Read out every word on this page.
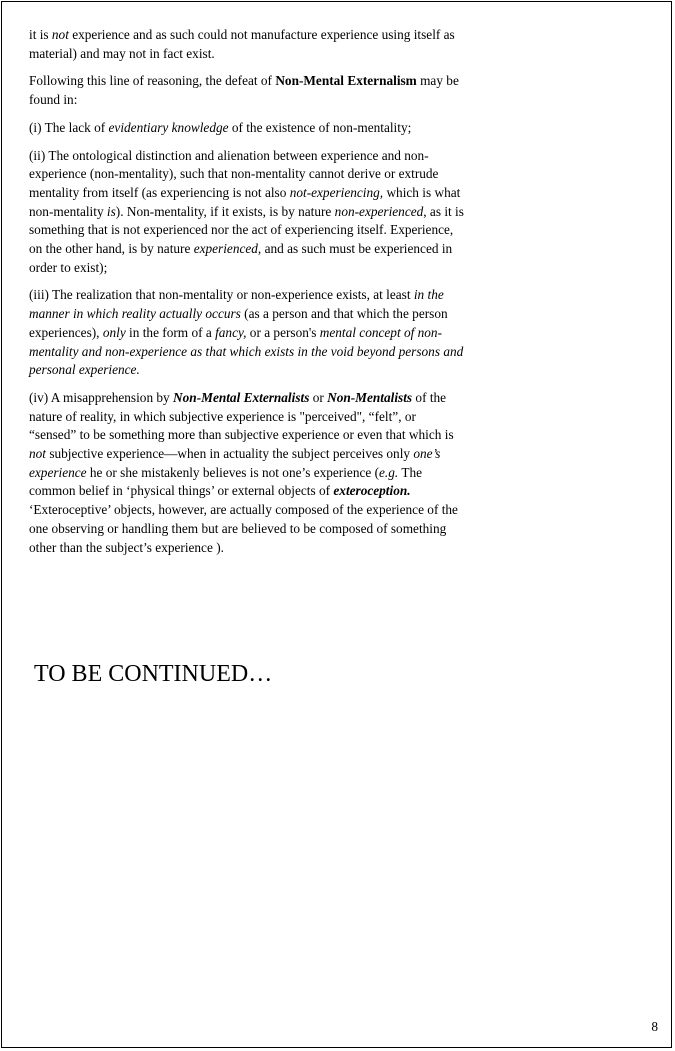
it is not experience and as such could not manufacture experience using itself as material) and may not in fact exist.

Following this line of reasoning, the defeat of Non-Mental Externalism may be found in:

(i) The lack of evidentiary knowledge of the existence of non-mentality;

(ii) The ontological distinction and alienation between experience and non-experience (non-mentality), such that non-mentality cannot derive or extrude mentality from itself (as experiencing is not also not-experiencing, which is what non-mentality is). Non-mentality, if it exists, is by nature non-experienced, as it is something that is not experienced nor the act of experiencing itself. Experience, on the other hand, is by nature experienced, and as such must be experienced in order to exist);

(iii) The realization that non-mentality or non-experience exists, at least in the manner in which reality actually occurs (as a person and that which the person experiences), only in the form of a fancy, or a person's mental concept of non-mentality and non-experience as that which exists in the void beyond persons and personal experience.

(iv) A misapprehension by Non-Mental Externalists or Non-Mentalists of the nature of reality, in which subjective experience is "perceived", “felt”, or “sensed” to be something more than subjective experience or even that which is not subjective experience—when in actuality the subject perceives only one’s experience he or she mistakenly believes is not one’s experience (e.g. The common belief in ‘physical things’ or external objects of exteroception. ‘Exteroceptive’ objects, however, are actually composed of the experience of the one observing or handling them but are believed to be composed of something other than the subject’s experience ).

TO BE CONTINUED…
8
